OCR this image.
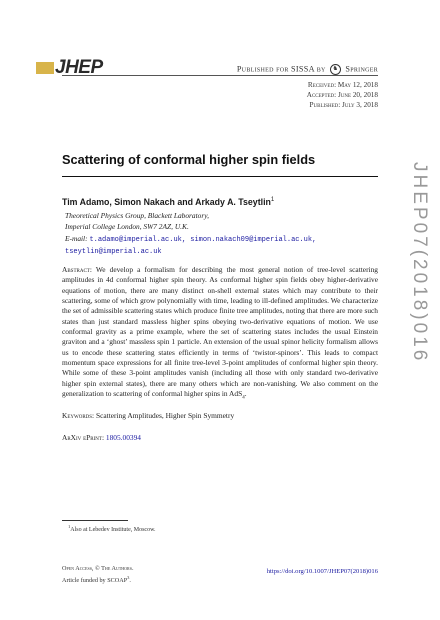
JHEP	Published for SISSA by ♞ Springer
Received: May 12, 2018
Accepted: June 20, 2018
Published: July 3, 2018
JHEP07(2018)016
Scattering of conformal higher spin fields
Tim Adamo, Simon Nakach and Arkady A. Tseytlin$^1$
Theoretical Physics Group, Blackett Laboratory,
Imperial College London, SW7 2AZ, U.K.
E-mail: t.adamo@imperial.ac.uk, simon.nakach09@imperial.ac.uk,
tseytlin@imperial.ac.uk
Abstract: We develop a formalism for describing the most general notion of tree-level scattering amplitudes in 4d conformal higher spin theory. As conformal higher spin fields obey higher-derivative equations of motion, there are many distinct on-shell external states which may contribute to their scattering, some of which grow polynomially with time, leading to ill-defined amplitudes. We characterize the set of admissible scattering states which produce finite tree amplitudes, noting that there are more such states than just standard massless higher spins obeying two-derivative equations of motion. We use conformal gravity as a prime example, where the set of scattering states includes the usual Einstein graviton and a ‘ghost’ massless spin 1 particle. An extension of the usual spinor helicity formalism allows us to encode these scattering states efficiently in terms of ‘twistor-spinors’. This leads to compact momentum space expressions for all finite tree-level 3-point amplitudes of conformal higher spin theory. While some of these 3-point amplitudes vanish (including all those with only standard two-derivative higher spin external states), there are many others which are non-vanishing. We also comment on the generalization to scattering of conformal higher spins in AdS$_4$.
Keywords: Scattering Amplitudes, Higher Spin Symmetry
ArXiv ePrint: 1805.00394
$^1$Also at Lebedev Institute, Moscow.
Open Access, © The Authors.
Article funded by SCOAP$^3$.
https://doi.org/10.1007/JHEP07(2018)016
